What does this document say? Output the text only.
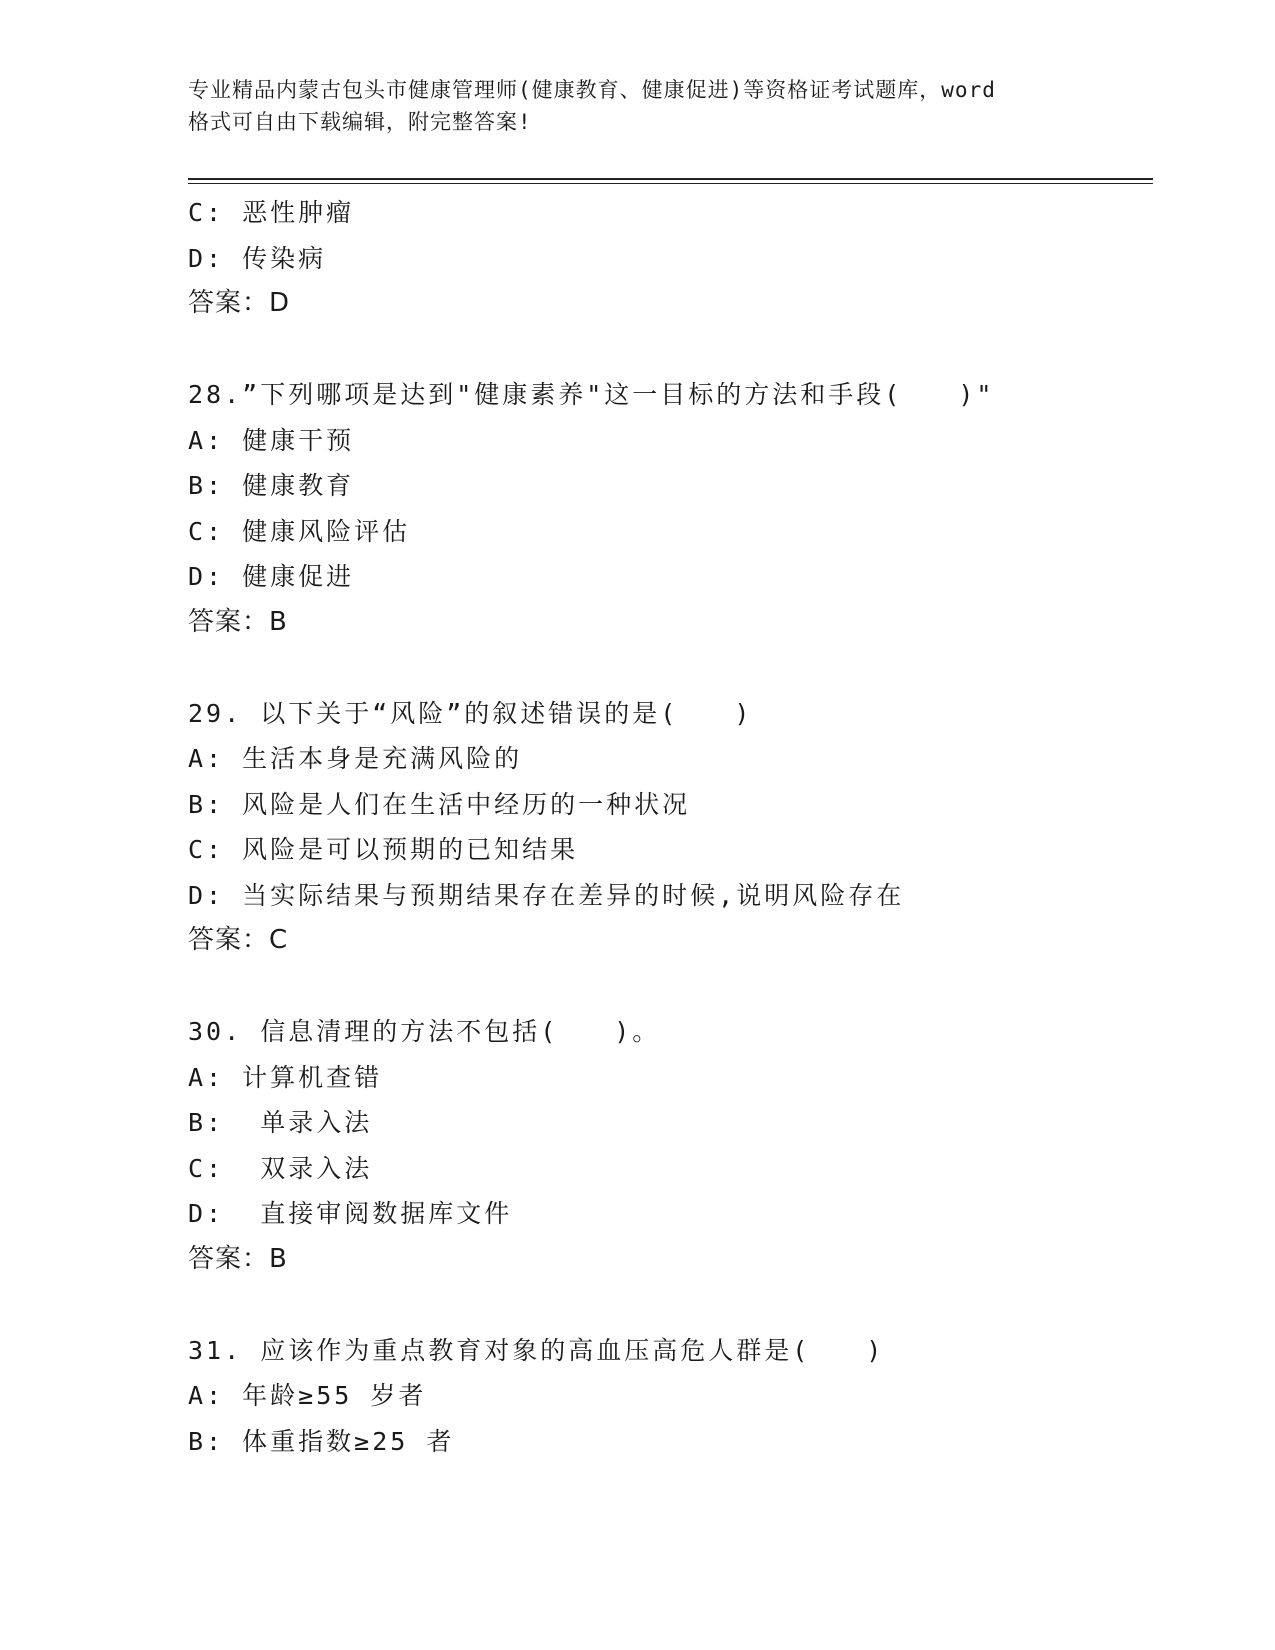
专业精品内蒙古包头市健康管理师(健康教育、健康促进)等资格证考试题库，word
格式可自由下载编辑，附完整答案!
C: 恶性肿瘤
D: 传染病
答案：D
28.”下列哪项是达到"健康素养"这一目标的方法和手段(　　)"
A: 健康干预
B: 健康教育
C: 健康风险评估
D: 健康促进
答案：B
29. 以下关于“风险”的叙述错误的是(　　)
A: 生活本身是充满风险的
B: 风险是人们在生活中经历的一种状况
C: 风险是可以预期的已知结果
D: 当实际结果与预期结果存在差异的时候,说明风险存在
答案：C
30. 信息清理的方法不包括(　　)。
A: 计算机查错
B:  单录入法
C:  双录入法
D:  直接审阅数据库文件
答案：B
31. 应该作为重点教育对象的高血压高危人群是(　　)
A: 年龄≥55 岁者
B: 体重指数≥25 者
